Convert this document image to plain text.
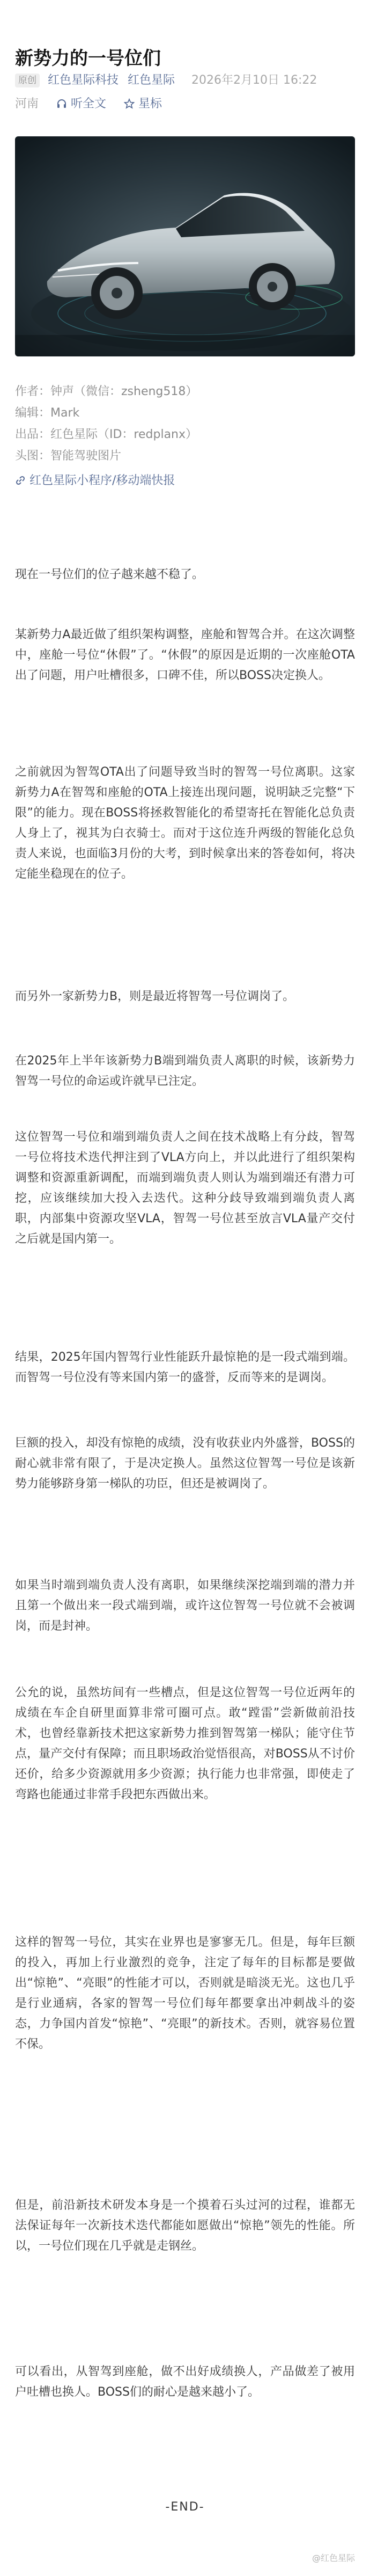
新势力的一号位们
原创 红色星际科技 红色星际 2026年2月10日 16:22
河南	听全文	星标
作者：钟声（微信：zsheng518）
编辑：Mark
出品：红色星际（ID：redplanx）
头图：智能驾驶图片
红色星际小程序/移动端快报

现在一号位们的位子越来越不稳了。

某新势力A最近做了组织架构调整，座舱和智驾合并。在这次调整中，座舱一号位“休假”了。“休假”的原因是近期的一次座舱OTA出了问题，用户吐槽很多，口碑不佳，所以BOSS决定换人。

之前就因为智驾OTA出了问题导致当时的智驾一号位离职。这家新势力A在智驾和座舱的OTA上接连出现问题，说明缺乏完整“下限”的能力。现在BOSS将拯救智能化的希望寄托在智能化总负责人身上了，视其为白衣骑士。而对于这位连升两级的智能化总负责人来说，也面临3月份的大考，到时候拿出来的答卷如何，将决定能坐稳现在的位子。

而另外一家新势力B，则是最近将智驾一号位调岗了。

在2025年上半年该新势力B端到端负责人离职的时候，该新势力智驾一号位的命运或许就早已注定。

这位智驾一号位和端到端负责人之间在技术战略上有分歧，智驾一号位将技术迭代押注到了VLA方向上，并以此进行了组织架构调整和资源重新调配，而端到端负责人则认为端到端还有潜力可挖，应该继续加大投入去迭代。这种分歧导致端到端负责人离职，内部集中资源攻坚VLA，智驾一号位甚至放言VLA量产交付之后就是国内第一。

结果，2025年国内智驾行业性能跃升最惊艳的是一段式端到端。而智驾一号位没有等来国内第一的盛誉，反而等来的是调岗。

巨额的投入，却没有惊艳的成绩，没有收获业内外盛誉，BOSS的耐心就非常有限了，于是决定换人。虽然这位智驾一号位是该新势力能够跻身第一梯队的功臣，但还是被调岗了。

如果当时端到端负责人没有离职，如果继续深挖端到端的潜力并且第一个做出来一段式端到端，或许这位智驾一号位就不会被调岗，而是封神。

公允的说，虽然坊间有一些槽点，但是这位智驾一号位近两年的成绩在车企自研里面算非常可圈可点。敢“蹚雷”尝新做前沿技术，也曾经靠新技术把这家新势力推到智驾第一梯队；能守住节点，量产交付有保障；而且职场政治觉悟很高，对BOSS从不讨价还价，给多少资源就用多少资源；执行能力也非常强，即使走了弯路也能通过非常手段把东西做出来。

这样的智驾一号位，其实在业界也是寥寥无几。但是，每年巨额的投入，再加上行业激烈的竞争，注定了每年的目标都是要做出“惊艳”、“亮眼”的性能才可以，否则就是暗淡无光。这也几乎是行业通病，各家的智驾一号位们每年都要拿出冲刺战斗的姿态，力争国内首发“惊艳”、“亮眼”的新技术。否则，就容易位置不保。

但是，前沿新技术研发本身是一个摸着石头过河的过程，谁都无法保证每年一次新技术迭代都能如愿做出“惊艳”领先的性能。所以，一号位们现在几乎就是走钢丝。

可以看出，从智驾到座舱，做不出好成绩换人，产品做差了被用户吐槽也换人。BOSS们的耐心是越来越小了。

-END-
@红色星际
